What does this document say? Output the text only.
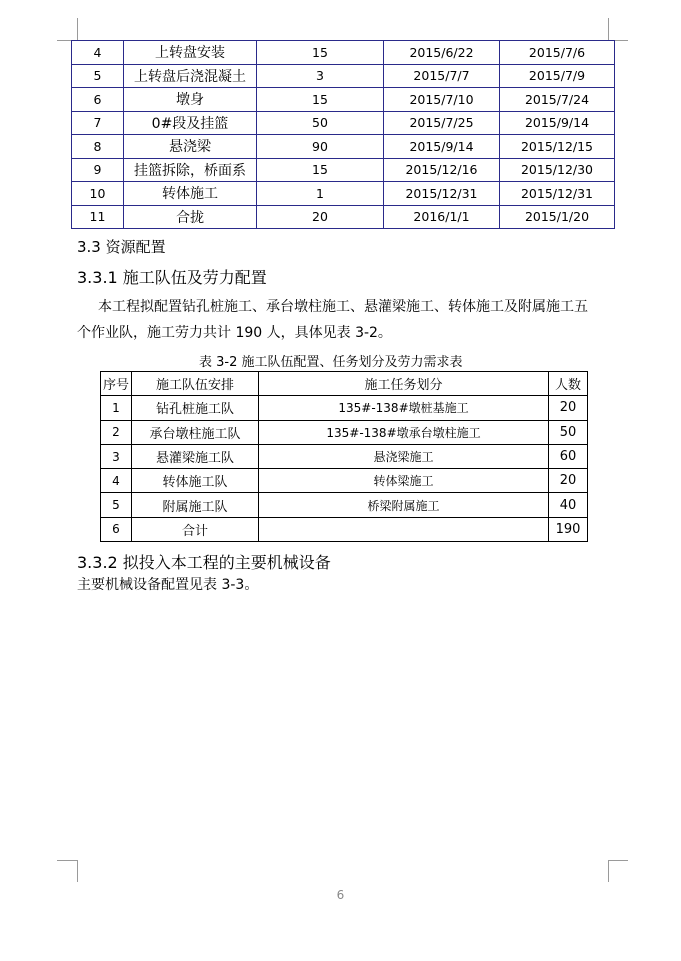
4	上转盘安装	15	2015/6/22	2015/7/6
5	上转盘后浇混凝土	3	2015/7/7	2015/7/9
6	墩身	15	2015/7/10	2015/7/24
7	0#段及挂篮	50	2015/7/25	2015/9/14
8	悬浇梁	90	2015/9/14	2015/12/15
9	挂篮拆除，桥面系	15	2015/12/16	2015/12/30
10	转体施工	1	2015/12/31	2015/12/31
11	合拢	20	2016/1/1	2015/1/20
3.3 资源配置
3.3.1 施工队伍及劳力配置
本工程拟配置钻孔桩施工、承台墩柱施工、悬灌梁施工、转体施工及附属施工五
个作业队，施工劳力共计 190 人，具体见表 3-2。
表 3-2 施工队伍配置、任务划分及劳力需求表
序号	施工队伍安排	施工任务划分	人数
1	钻孔桩施工队	135#-138#墩桩基施工	20
2	承台墩柱施工队	135#-138#墩承台墩柱施工	50
3	悬灌梁施工队	悬浇梁施工	60
4	转体施工队	转体梁施工	20
5	附属施工队	桥梁附属施工	40
6	合计		190
3.3.2 拟投入本工程的主要机械设备
主要机械设备配置见表 3-3。
6
